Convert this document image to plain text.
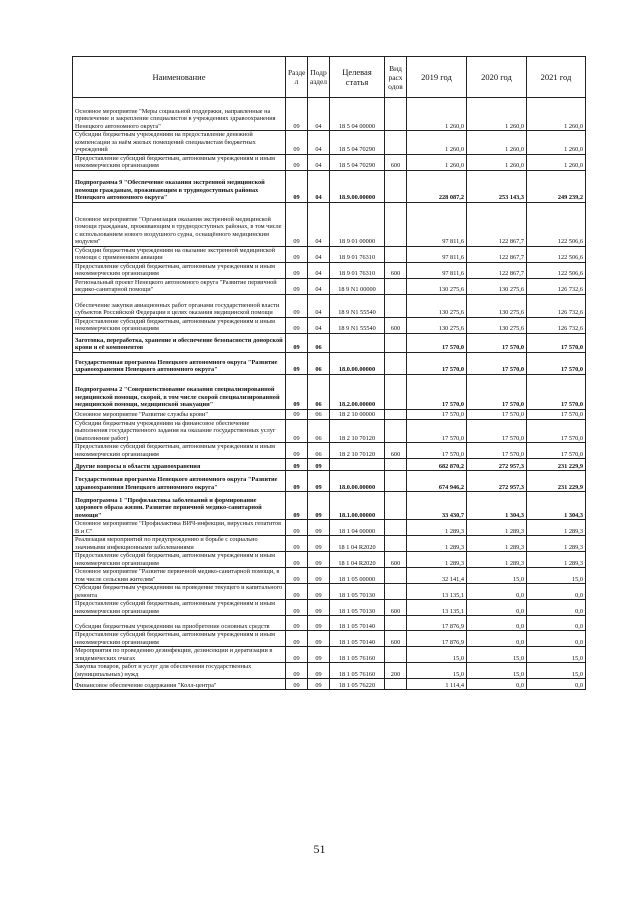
Наименование	Разде л	Подр аздел	Целевая статья	Вид расх одов	2019 год	2020 год	2021 год
Основное мероприятие "Меры социальной поддержки, направленные на привлечение и закрепление специалистов в учреждениях здравоохранения Ненецкого автономного округа"	09	04	18 5 04 00000		1 260,0	1 260,0	1 260,0
Субсидии бюджетным учреждениям на предоставление денежной компенсации за наём жилых помещений специалистам бюджетных учреждений	09	04	18 5 04 70290		1 260,0	1 260,0	1 260,0
Предоставление субсидий бюджетным, автономным учреждениям и иным некоммерческим организациям	09	04	18 5 04 70290	600	1 260,0	1 260,0	1 260,0
Подпрограмма 9 "Обеспечение оказания экстренной медицинской помощи гражданам, проживающим в труднодоступных районах Ненецкого автономного округа"	09	04	18.9.00.00000		228 087,2	253 143,3	249 239,2
Основное мероприятие "Организация оказания экстренной медицинской помощи гражданам, проживающим в труднодоступных районах, в том числе с использованием нового воздушного судна, оснащённого медицинским модулем"	09	04	18 9 01 00000		97 811,6	122 867,7	122 506,6
Субсидии бюджетным учреждениям на оказание экстренной медицинской помощи с применением авиации	09	04	18 9 01 76310		97 811,6	122 867,7	122 506,6
Предоставление субсидий бюджетным, автономным учреждениям и иным некоммерческим организациям	09	04	18 9 01 76310	600	97 811,6	122 867,7	122 506,6
Региональный проект Ненецкого автономного округа "Развитие первичной медико-санитарной помощи"	09	04	18 9 N1 00000		130 275,6	130 275,6	126 732,6
Обеспечение закупки авиационных работ органами государственной власти субъектов Российской Федерации в целях оказания медицинской помощи	09	04	18 9 N1 55540		130 275,6	130 275,6	126 732,6
Предоставление субсидий бюджетным, автономным учреждениям и иным некоммерческим организациям	09	04	18 9 N1 55540	600	130 275,6	130 275,6	126 732,6
Заготовка, переработка, хранение и обеспечение безопасности донорской крови и её компонентов	09	06			17 570,0	17 570,0	17 570,0
Государственная программа Ненецкого автономного округа "Развитие здравоохранения Ненецкого автономного округа"	09	06	18.0.00.00000		17 570,0	17 570,0	17 570,0
Подпрограмма 2 "Совершенствование оказания специализированной медицинской помощи, скорой, в том числе скорой специализированной медицинской помощи, медицинской эвакуации"	09	06	18.2.00.00000		17 570,0	17 570,0	17 570,0
Основное мероприятие "Развитие службы крови"	09	06	18 2 10 00000		17 570,0	17 570,0	17 570,0
Субсидии бюджетным учреждениям на финансовое обеспечение выполнения государственного задания на оказание государственных услуг (выполнение работ)	09	06	18 2 10 70120		17 570,0	17 570,0	17 570,0
Предоставление субсидий бюджетным, автономным учреждениям и иным некоммерческим организациям	09	06	18 2 10 70120	600	17 570,0	17 570,0	17 570,0
Другие вопросы в области здравоохранения	09	09			682 870,2	272 957,3	231 229,9
Государственная программа Ненецкого автономного округа "Развитие здравоохранения Ненецкого автономного округа"	09	09	18.0.00.00000		674 946,2	272 957,3	231 229,9
Подпрограмма 1 "Профилактика заболеваний и формирование здорового образа жизни. Развитие первичной медико-санитарной помощи"	09	09	18.1.00.00000		33 430,7	1 304,3	1 304,3
Основное мероприятие "Профилактика ВИЧ-инфекции, вирусных гепатитов В и С"	09	09	18 1 04 00000		1 289,3	1 289,3	1 289,3
Реализация мероприятий по предупреждению и борьбе с социально значимыми инфекционными заболеваниями	09	09	18 1 04 R2020		1 289,3	1 289,3	1 289,3
Предоставление субсидий бюджетным, автономным учреждениям и иным некоммерческим организациям	09	09	18 1 04 R2020	600	1 289,3	1 289,3	1 289,3
Основное мероприятие "Развитие первичной медико-санитарной помощи, в том числе сельским жителям"	09	09	18 1 05 00000		32 141,4	15,0	15,0
Субсидии бюджетным учреждениям на проведение текущего и капитального ремонта	09	09	18 1 05 70130		13 135,1	0,0	0,0
Предоставление субсидий бюджетным, автономным учреждениям и иным некоммерческим организациям	09	09	18 1 05 70130	600	13 135,1	0,0	0,0
Субсидии бюджетным учреждениям на приобретение основных средств	09	09	18 1 05 70140		17 876,9	0,0	0,0
Предоставление субсидий бюджетным, автономным учреждениям и иным некоммерческим организациям	09	09	18 1 05 70140	600	17 876,9	0,0	0,0
Мероприятия по проведению дезинфекции, дезинсекции и дератизации в эпидемических очагах	09	09	18 1 05 76160		15,0	15,0	15,0
Закупка товаров, работ и услуг для обеспечения государственных (муниципальных) нужд	09	09	18 1 05 76160	200	15,0	15,0	15,0
Финансовое обеспечение содержания "Колл-центра"	09	09	18 1 05 76220		1 114,4	0,0	0,0
51
